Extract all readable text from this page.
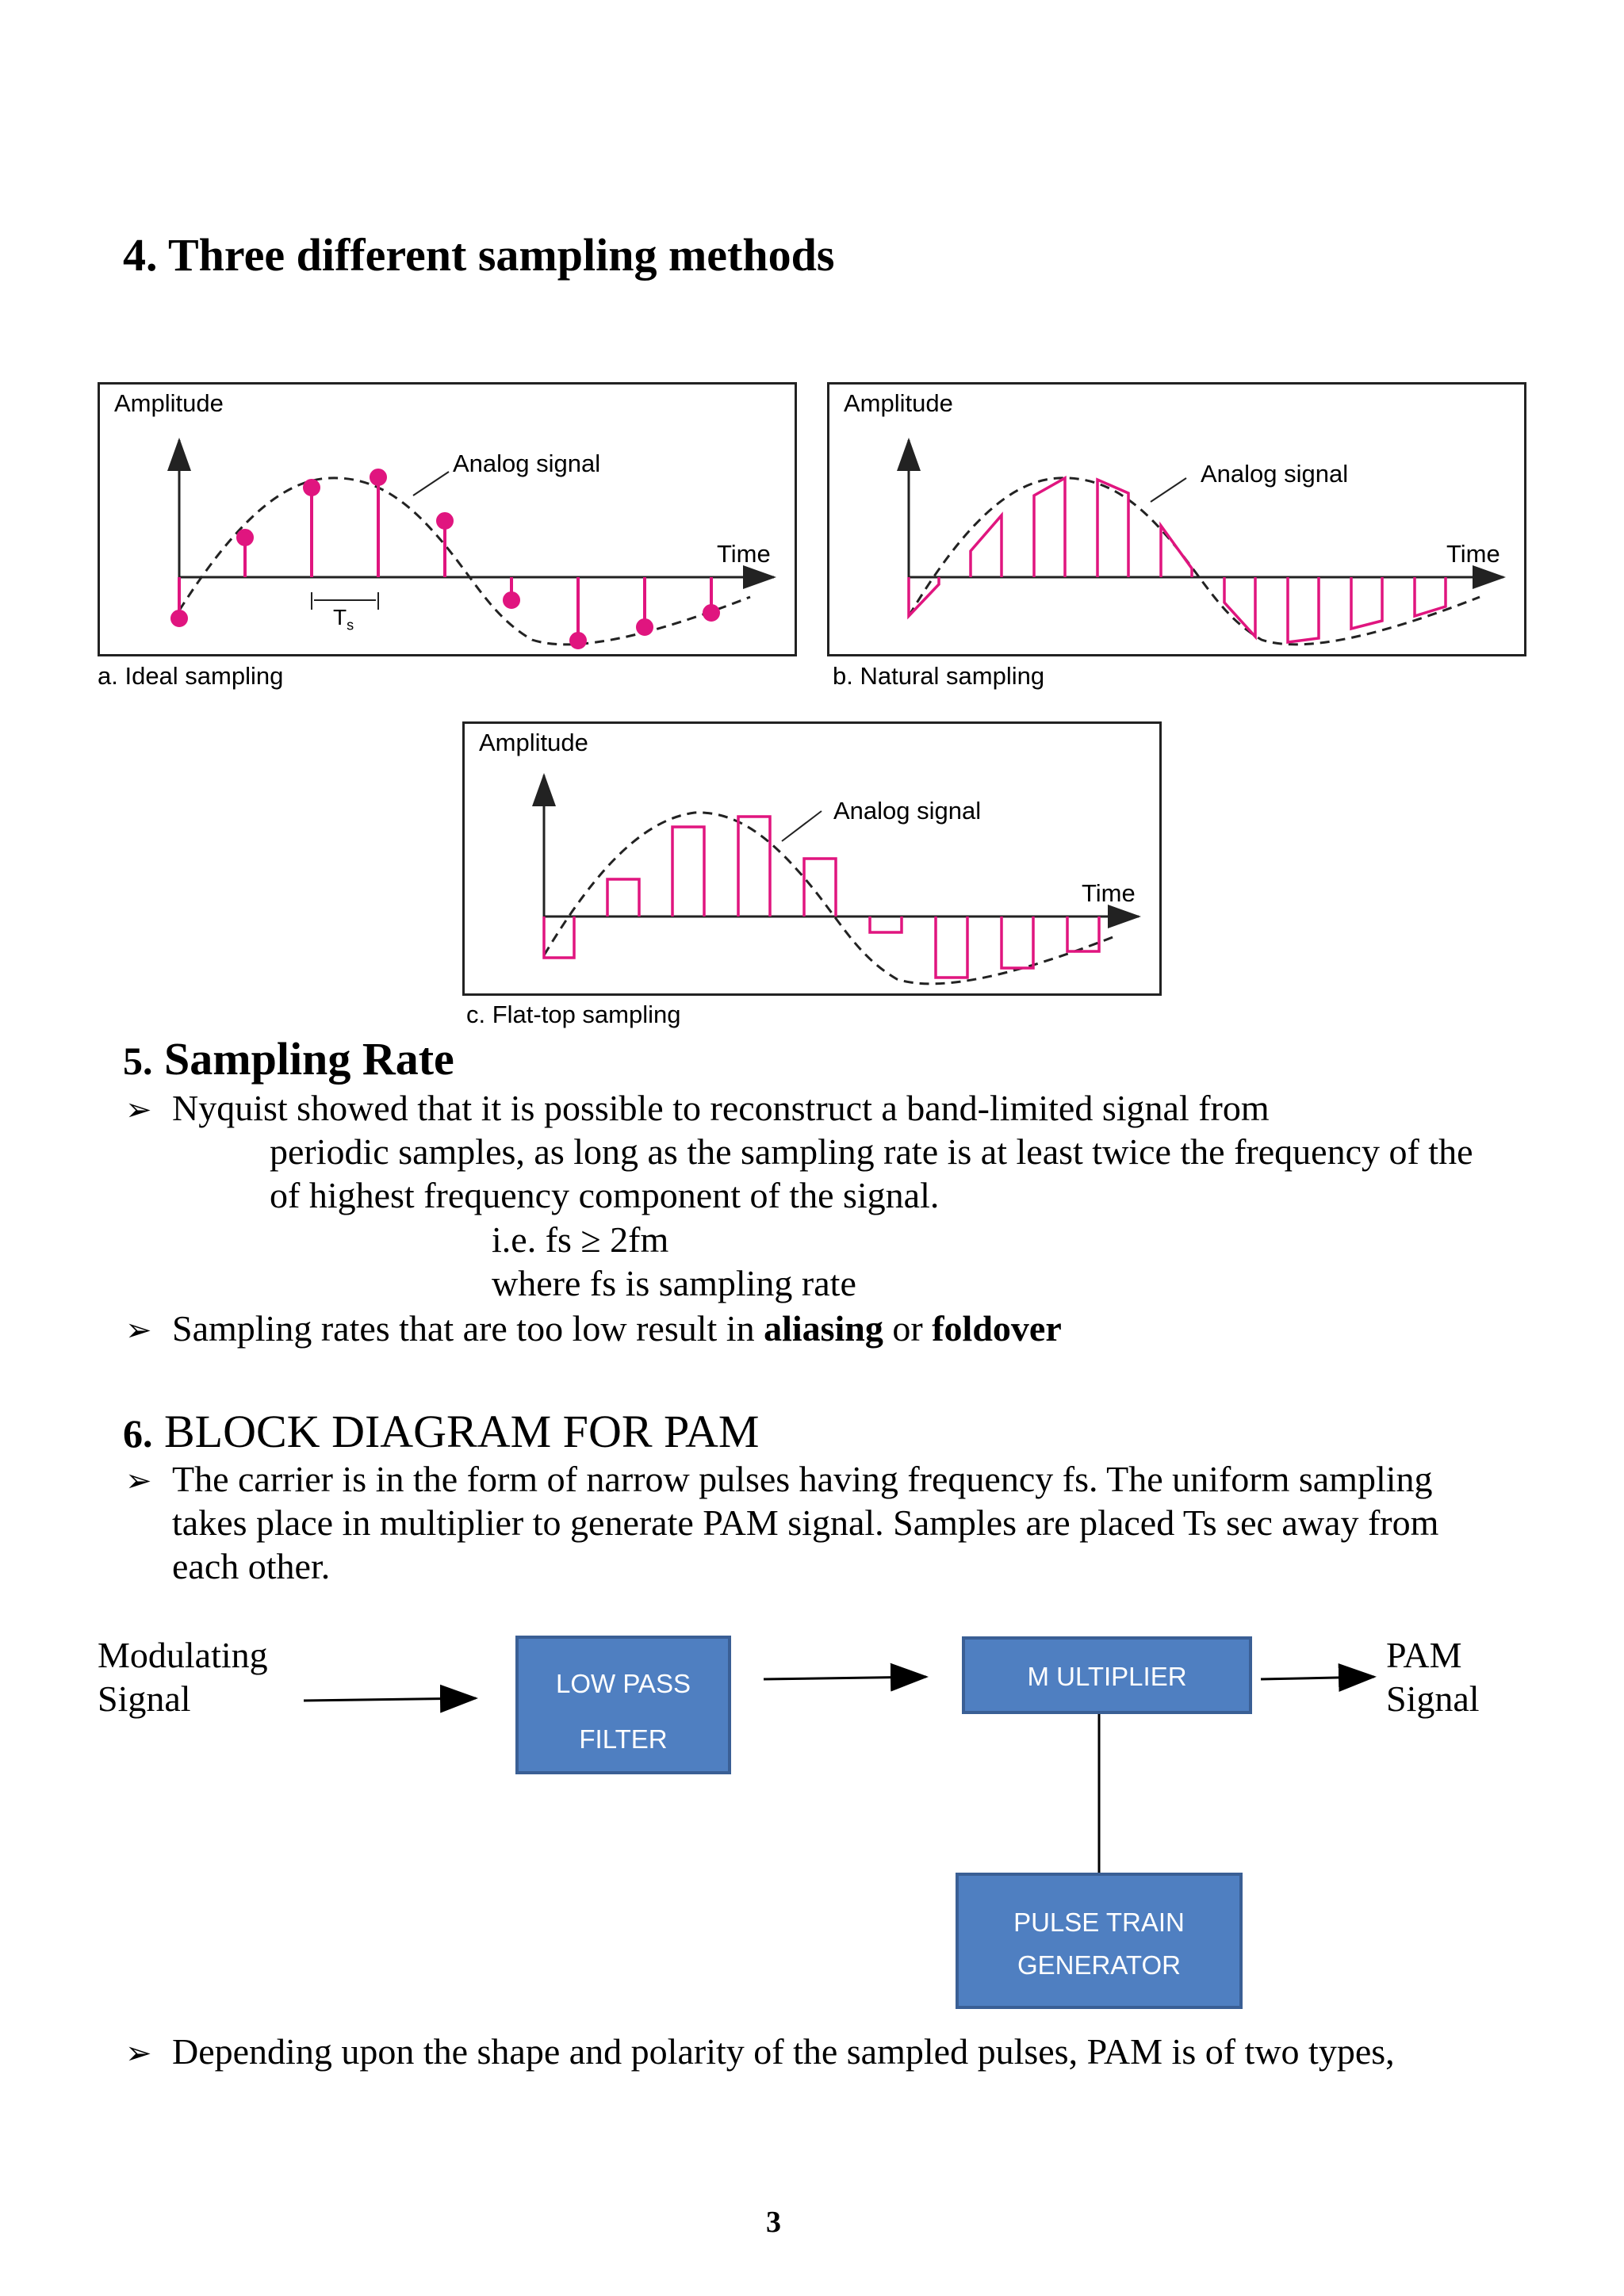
4. Three different sampling methods
Amplitude
Analog signal
Time
$T_s$
a. Ideal sampling
Amplitude
Analog signal
Time
b. Natural sampling
Amplitude
Analog signal
Time
c. Flat-top sampling
5. Sampling Rate
➢ Nyquist showed that it is possible to reconstruct a band-limited signal from
periodic samples, as long as the sampling rate is at least twice the frequency of the
of highest frequency component of the signal.
i.e. fs ≥ 2fm
where fs is sampling rate
➢ Sampling rates that are too low result in aliasing or foldover
6. BLOCK DIAGRAM FOR PAM
➢ The carrier is in the form of narrow pulses having frequency fs. The uniform sampling
takes place in multiplier to generate PAM signal. Samples are placed Ts sec away from
each other.
Modulating
Signal	LOW PASS
FILTER
M ULTIPLIER
PULSE TRAIN
GENERATOR
PAM
Signal
➢ Depending upon the shape and polarity of the sampled pulses, PAM is of two types,
3
